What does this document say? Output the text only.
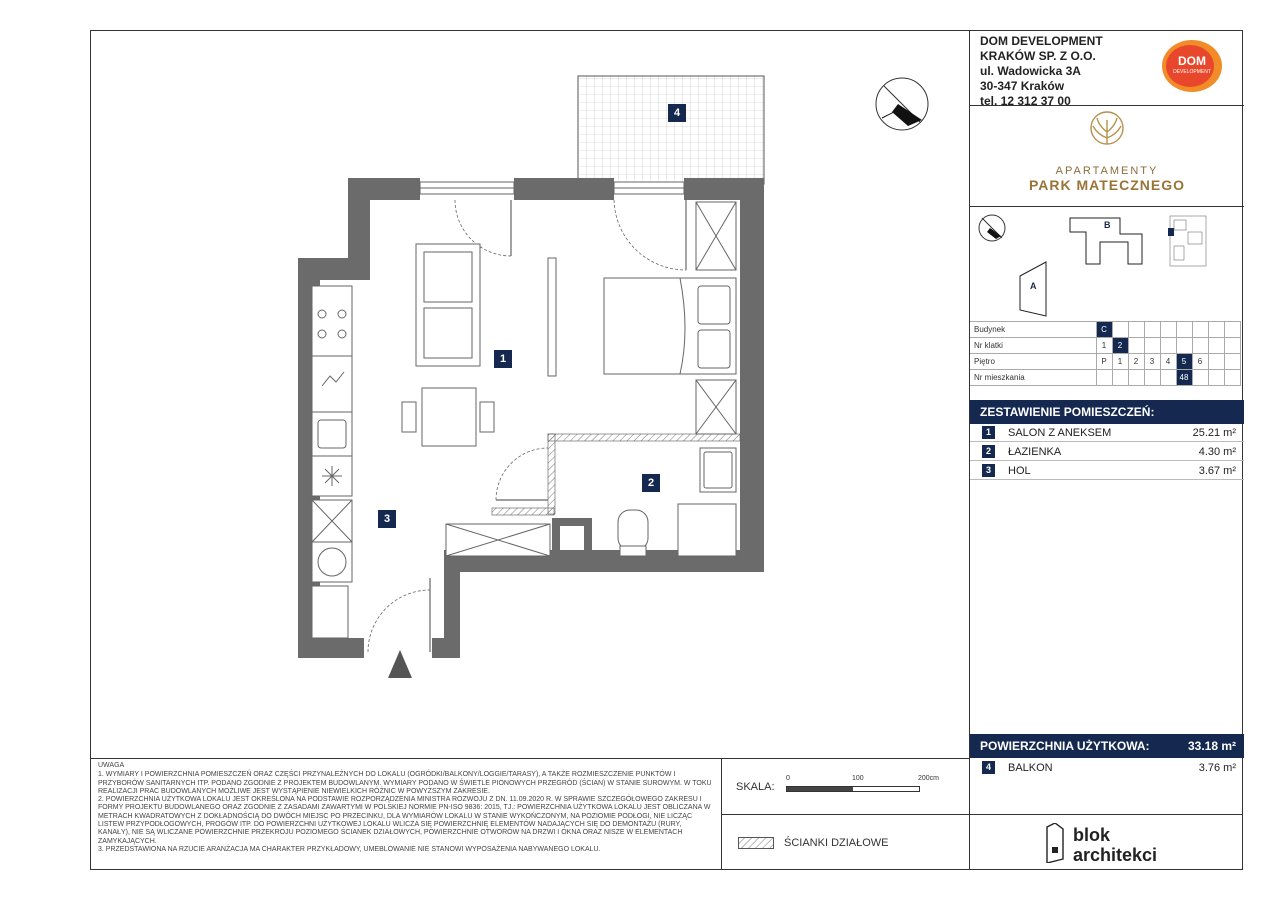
4
1
2
3
DOM DEVELOPMENT
KRAKÓW SP. Z O.O.
ul. Wadowicka 3A
30-347 Kraków
tel. 12 312 37 00
DOM
DEVELOPMENT
APARTAMENTY
PARK MATECZNEGO
B
A
Budynek	C								
Nr klatki	1	2							
Piętro	P	1	2	3	4	5	6		
Nr mieszkania						48			
ZESTAWIENIE POMIESZCZEŃ:
1	SALON Z ANEKSEM	25.21 m²
2	ŁAZIENKA	4.30 m²
3	HOL	3.67 m²
POWIERZCHNIA UŻYTKOWA:	33.18 m²
4	BALKON	3.76 m²
UWAGA

1. WYMIARY I POWIERZCHNIA POMIESZCZEŃ ORAZ CZĘŚCI PRZYNALEŻNYCH DO LOKALU (OGRÓDKI/BALKONY/LOGGIE/TARASY), A TAKŻE ROZMIESZCZENIE PUNKTÓW I PRZYBORÓW SANITARNYCH ITP. PODANO ZGODNIE Z PROJEKTEM BUDOWLANYM. WYMIARY PODANO W ŚWIETLE PIONOWYCH PRZEGRÓD (ŚCIAN) W STANIE SUROWYM. W TOKU REALIZACJI PRAC BUDOWLANYCH MOŻLIWE JEST WYSTĄPIENIE NIEWIELKICH RÓŻNIC W POWYŻSZYM ZAKRESIE.

2. POWIERZCHNIA UŻYTKOWA LOKALU JEST OKREŚLONA NA PODSTAWIE ROZPORZĄDZENIA MINISTRA ROZWOJU Z DN. 11.09.2020 R. W SPRAWIE SZCZEGÓŁOWEGO ZAKRESU I FORMY PROJEKTU BUDOWLANEGO ORAZ ZGODNIE Z ZASADAMI ZAWARTYMI W POLSKIEJ NORMIE PN-ISO 9836: 2015, TJ.: POWIERZCHNIA UŻYTKOWA LOKALU JEST OBLICZANA W METRACH KWADRATOWYCH Z DOKŁADNOŚCIĄ DO DWÓCH MIEJSC PO PRZECINKU, DLA WYMIARÓW LOKALU W STANIE WYKOŃCZONYM, NA POZIOMIE PODŁOGI, NIE LICZĄC LISTEW PRZYPODŁOGOWYCH, PROGÓW ITP. DO POWIERZCHNI UŻYTKOWEJ LOKALU WLICZA SIĘ POWIERZCHNIĘ ELEMENTÓW NADAJĄCYCH SIĘ DO DEMONTAŻU (RURY, KANAŁY), NIE SĄ WLICZANE POWIERZCHNIE PRZEKROJU POZIOMEGO ŚCIANEK DZIAŁOWYCH, POWIERZCHNIE OTWORÓW NA DRZWI I OKNA ORAZ NISZE W ELEMENTACH ZAMYKAJĄCYCH.

3. PRZEDSTAWIONA NA RZUCIE ARANŻACJA MA CHARAKTER PRZYKŁADOWY, UMEBLOWANIE NIE STANOWI WYPOSAŻENIA NABYWANEGO LOKALU.

SKALA:
0	100	200cm
ŚCIANKI DZIAŁOWE	blok
architekci
